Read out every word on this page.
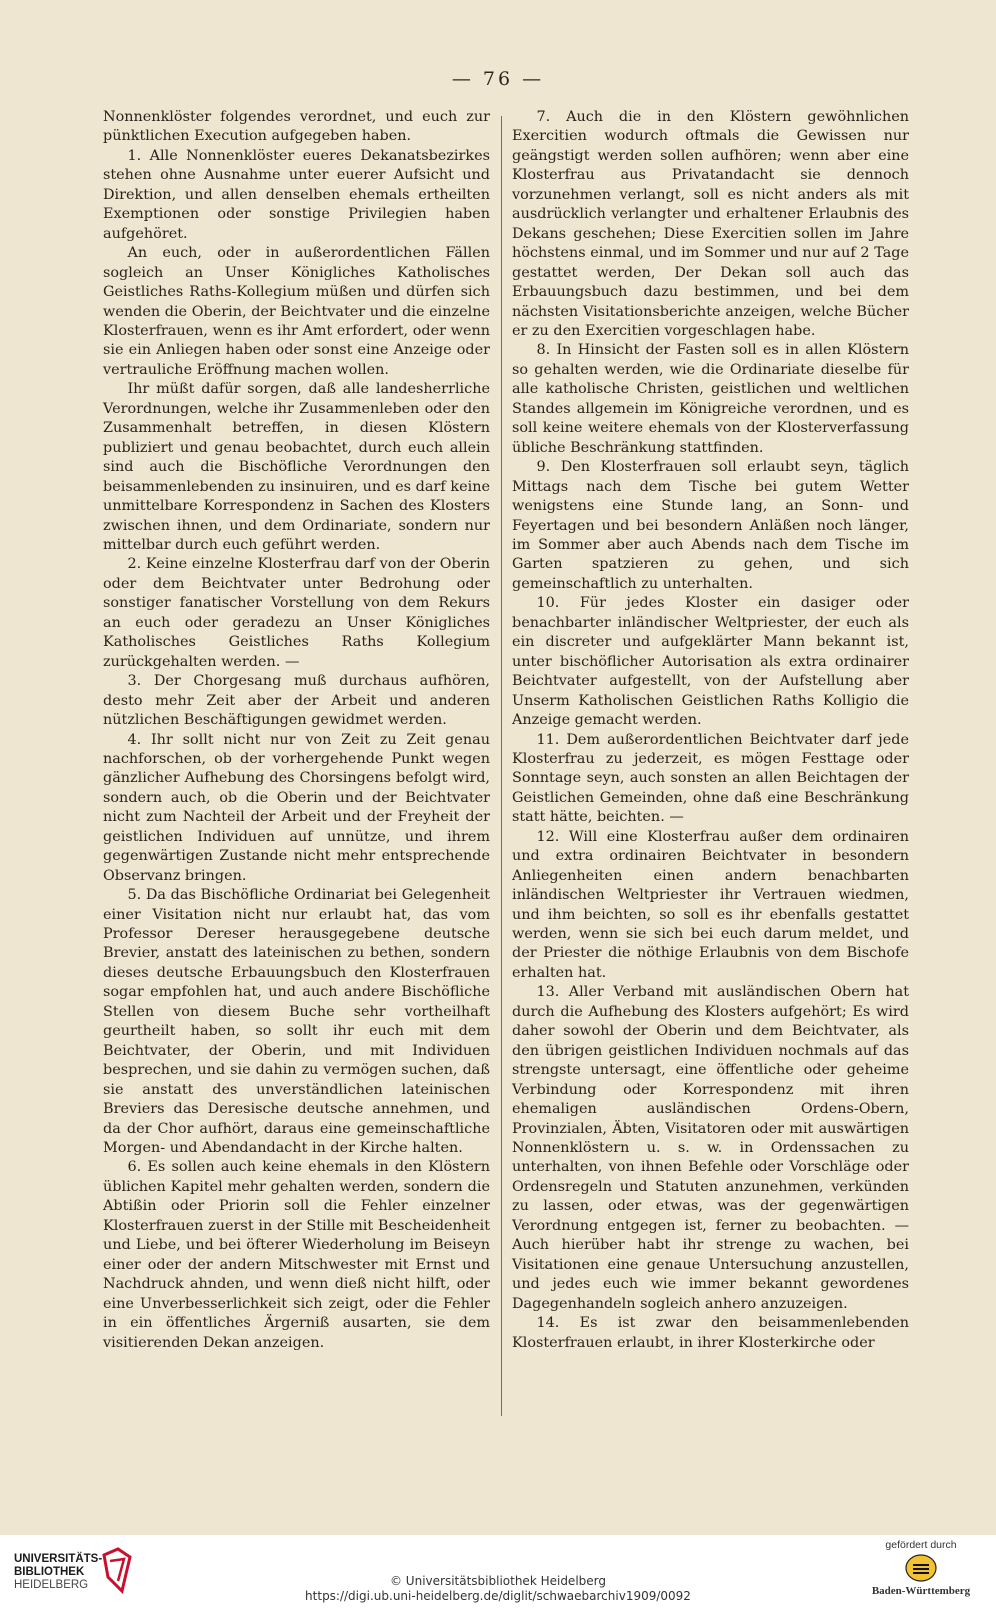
— 76 —

Nonnenklöster folgendes verordnet, und euch zur pünktlichen Execution aufgegeben haben.

1. Alle Nonnenklöster eueres Dekanatsbezirkes stehen ohne Ausnahme unter euerer Aufsicht und Direktion, und allen denselben ehemals ertheilten Exemptionen oder sonstige Privilegien haben aufgehöret.

An euch, oder in außerordentlichen Fällen sogleich an Unser Königliches Katholisches Geistliches Raths-Kollegium müßen und dürfen sich wenden die Oberin, der Beichtvater und die einzelne Klosterfrauen, wenn es ihr Amt erfordert, oder wenn sie ein Anliegen haben oder sonst eine Anzeige oder vertrauliche Eröffnung machen wollen.

Ihr müßt dafür sorgen, daß alle landesherrliche Verordnungen, welche ihr Zusammenleben oder den Zusammenhalt betreffen, in diesen Klöstern publiziert und genau beobachtet, durch euch allein sind auch die Bischöfliche Verordnungen den beisammenlebenden zu insinuiren, und es darf keine unmittelbare Korrespondenz in Sachen des Klosters zwischen ihnen, und dem Ordinariate, sondern nur mittelbar durch euch geführt werden.

2. Keine einzelne Klosterfrau darf von der Oberin oder dem Beichtvater unter Bedrohung oder sonstiger fanatischer Vorstellung von dem Rekurs an euch oder geradezu an Unser Königliches Katholisches Geistliches Raths Kollegium zurückgehalten werden. —

3. Der Chorgesang muß durchaus aufhören, desto mehr Zeit aber der Arbeit und anderen nützlichen Beschäftigungen gewidmet werden.

4. Ihr sollt nicht nur von Zeit zu Zeit genau nachforschen, ob der vorhergehende Punkt wegen gänzlicher Aufhebung des Chorsingens befolgt wird, sondern auch, ob die Oberin und der Beichtvater nicht zum Nachteil der Arbeit und der Freyheit der geistlichen Individuen auf unnütze, und ihrem gegenwärtigen Zustande nicht mehr entsprechende Observanz bringen.

5. Da das Bischöfliche Ordinariat bei Gelegenheit einer Visitation nicht nur erlaubt hat, das vom Professor Dereser herausgegebene deutsche Brevier, anstatt des lateinischen zu bethen, sondern dieses deutsche Erbauungsbuch den Klosterfrauen sogar empfohlen hat, und auch andere Bischöfliche Stellen von diesem Buche sehr vortheilhaft geurtheilt haben, so sollt ihr euch mit dem Beichtvater, der Oberin, und mit Individuen besprechen, und sie dahin zu vermögen suchen, daß sie anstatt des unverständlichen lateinischen Breviers das Deresische deutsche annehmen, und da der Chor aufhört, daraus eine gemeinschaftliche Morgen- und Abendandacht in der Kirche halten.

6. Es sollen auch keine ehemals in den Klöstern üblichen Kapitel mehr gehalten werden, sondern die Abtißin oder Priorin soll die Fehler einzelner Klosterfrauen zuerst in der Stille mit Bescheidenheit und Liebe, und bei öfterer Wiederholung im Beiseyn einer oder der andern Mitschwester mit Ernst und Nachdruck ahnden, und wenn dieß nicht hilft, oder eine Unverbesserlichkeit sich zeigt, oder die Fehler in ein öffentliches Ärgerniß ausarten, sie dem visitierenden Dekan anzeigen.

7. Auch die in den Klöstern gewöhnlichen Exercitien wodurch oftmals die Gewissen nur geängstigt werden sollen aufhören; wenn aber eine Klosterfrau aus Privatandacht sie dennoch vorzunehmen verlangt, soll es nicht anders als mit ausdrücklich verlangter und erhaltener Erlaubnis des Dekans geschehen; Diese Exercitien sollen im Jahre höchstens einmal, und im Sommer und nur auf 2 Tage gestattet werden, Der Dekan soll auch das Erbauungsbuch dazu bestimmen, und bei dem nächsten Visitationsberichte anzeigen, welche Bücher er zu den Exercitien vorgeschlagen habe.

8. In Hinsicht der Fasten soll es in allen Klöstern so gehalten werden, wie die Ordinariate dieselbe für alle katholische Christen, geistlichen und weltlichen Standes allgemein im Königreiche verordnen, und es soll keine weitere ehemals von der Klosterverfassung übliche Beschränkung stattfinden.

9. Den Klosterfrauen soll erlaubt seyn, täglich Mittags nach dem Tische bei gutem Wetter wenigstens eine Stunde lang, an Sonn- und Feyertagen und bei besondern Anläßen noch länger, im Sommer aber auch Abends nach dem Tische im Garten spatzieren zu gehen, und sich gemeinschaftlich zu unterhalten.

10. Für jedes Kloster ein dasiger oder benachbarter inländischer Weltpriester, der euch als ein discreter und aufgeklärter Mann bekannt ist, unter bischöflicher Autorisation als extra ordinairer Beichtvater aufgestellt, von der Aufstellung aber Unserm Katholischen Geistlichen Raths Kolligio die Anzeige gemacht werden.

11. Dem außerordentlichen Beichtvater darf jede Klosterfrau zu jederzeit, es mögen Festtage oder Sonntage seyn, auch sonsten an allen Beichtagen der Geistlichen Gemeinden, ohne daß eine Beschränkung statt hätte, beichten. —

12. Will eine Klosterfrau außer dem ordinairen und extra ordinairen Beichtvater in besondern Anliegenheiten einen andern benachbarten inländischen Weltpriester ihr Vertrauen wiedmen, und ihm beichten, so soll es ihr ebenfalls gestattet werden, wenn sie sich bei euch darum meldet, und der Priester die nöthige Erlaubnis von dem Bischofe erhalten hat.

13. Aller Verband mit ausländischen Obern hat durch die Aufhebung des Klosters aufgehört; Es wird daher sowohl der Oberin und dem Beichtvater, als den übrigen geistlichen Individuen nochmals auf das strengste untersagt, eine öffentliche oder geheime Verbindung oder Korrespondenz mit ihren ehemaligen ausländischen Ordens-Obern, Provinzialen, Äbten, Visitatoren oder mit auswärtigen Nonnenklöstern u. s. w. in Ordenssachen zu unterhalten, von ihnen Befehle oder Vorschläge oder Ordensregeln und Statuten anzunehmen, verkünden zu lassen, oder etwas, was der gegenwärtigen Verordnung entgegen ist, ferner zu beobachten. — Auch hierüber habt ihr strenge zu wachen, bei Visitationen eine genaue Untersuchung anzustellen, und jedes euch wie immer bekannt gewordenes Dagegenhandeln sogleich anhero anzuzeigen.

14. Es ist zwar den beisammenlebenden Klosterfrauen erlaubt, in ihrer Klosterkirche oder

UNIVERSITÄTS-
BIBLIOTHEK
HEIDELBERG	© Universitätsbibliothek Heidelberg
https://digi.ub.uni-heidelberg.de/diglit/schwaebarchiv1909/0092
gefördert durch
Baden-Württemberg
